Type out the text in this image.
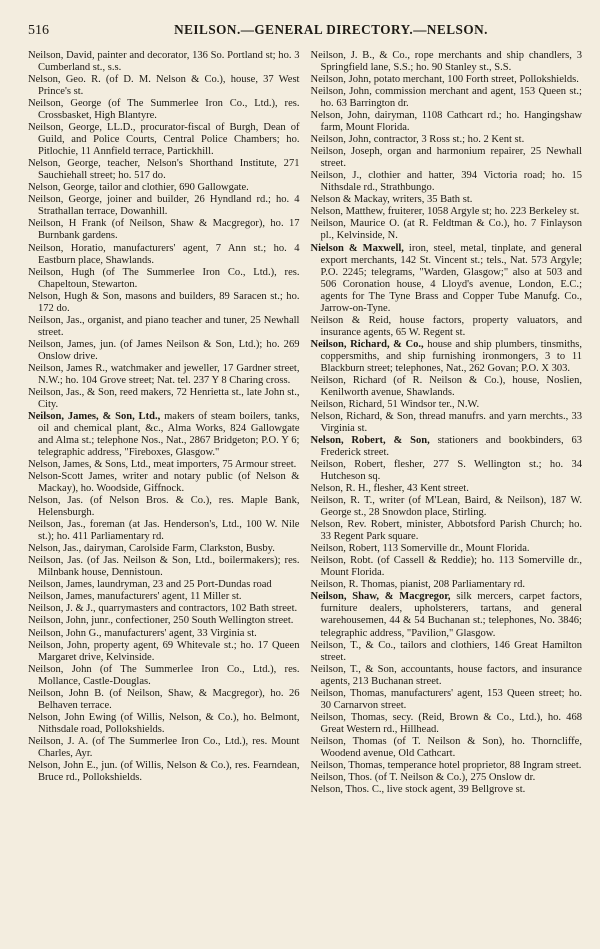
516	NEILSON.—GENERAL DIRECTORY.—NELSON.
Neilson, David, painter and decorator, 136 So. Portland st; ho. 3 Cumberland st., s.s.
Nelson, Geo. R. (of D. M. Nelson & Co.), house, 37 West Prince's st.
Neilson, George (of The Summerlee Iron Co., Ltd.), res. Crossbasket, High Blantyre.
Neilson, George, LL.D., procurator-fiscal of Burgh, Dean of Guild, and Police Courts, Central Police Chambers; ho. Pitlochie, 11 Annfield terrace, Partickhill.
Nelson, George, teacher, Nelson's Shorthand Institute, 271 Sauchiehall street; ho. 517 do.
Nelson, George, tailor and clothier, 690 Gallowgate.
Neilson, George, joiner and builder, 26 Hyndland rd.; ho. 4 Strathallan terrace, Dowanhill.
Neilson, H Frank (of Neilson, Shaw & Macgregor), ho. 17 Burnbank gardens.
Neilson, Horatio, manufacturers' agent, 7 Ann st.; ho. 4 Eastburn place, Shawlands.
Neilson, Hugh (of The Summerlee Iron Co., Ltd.), res. Chapeltoun, Stewarton.
Nelson, Hugh & Son, masons and builders, 89 Saracen st.; ho. 172 do.
Neilson, Jas., organist, and piano teacher and tuner, 25 Newhall street.
Neilson, James, jun. (of James Neilson & Son, Ltd.); ho. 269 Onslow drive.
Neilson, James R., watchmaker and jeweller, 17 Gardner street, N.W.; ho. 104 Grove street; Nat. tel. 237 Y 8 Charing cross.
Neilson, Jas., & Son, reed makers, 72 Henrietta st., late John st., City.
Neilson, James, & Son, Ltd., makers of steam boilers, tanks, oil and chemical plant, &c., Alma Works, 824 Gallowgate and Alma st.; telephone Nos., Nat., 2867 Bridgeton; P.O. Y 6; telegraphic address, "Fireboxes, Glasgow."
Nelson, James, & Sons, Ltd., meat importers, 75 Armour street.
Nelson-Scott James, writer and notary public (of Nelson & Mackay), ho. Woodside, Giffnock.
Nelson, Jas. (of Nelson Bros. & Co.), res. Maple Bank, Helensburgh.
Neilson, Jas., foreman (at Jas. Henderson's, Ltd., 100 W. Nile st.); ho. 411 Parliamentary rd.
Nelson, Jas., dairyman, Carolside Farm, Clarkston, Busby.
Neilson, Jas. (of Jas. Neilson & Son, Ltd., boilermakers); res. Milnbank house, Dennistoun.
Neilson, James, laundryman, 23 and 25 Port-Dundas road
Neilson, James, manufacturers' agent, 11 Miller st.
Neilson, J. & J., quarrymasters and contractors, 102 Bath street.
Neilson, John, junr., confectioner, 250 South Wellington street.
Neilson, John G., manufacturers' agent, 33 Virginia st.
Neilson, John, property agent, 69 Whitevale st.; ho. 17 Queen Margaret drive, Kelvinside.
Neilson, John (of The Summerlee Iron Co., Ltd.), res. Mollance, Castle-Douglas.
Neilson, John B. (of Neilson, Shaw, & Macgregor), ho. 26 Belhaven terrace.
Nelson, John Ewing (of Willis, Nelson, & Co.), ho. Belmont, Nithsdale road, Pollokshields.
Neilson, J. A. (of The Summerlee Iron Co., Ltd.), res. Mount Charles, Ayr.
Nelson, John E., jun. (of Willis, Nelson & Co.), res. Fearndean, Bruce rd., Pollokshields.
Neilson, J. B., & Co., rope merchants and ship chandlers, 3 Springfield lane, S.S.; ho. 90 Stanley st., S.S.
Neilson, John, potato merchant, 100 Forth street, Pollokshields.
Neilson, John, commission merchant and agent, 153 Queen st.; ho. 63 Barrington dr.
Nelson, John, dairyman, 1108 Cathcart rd.; ho. Hangingshaw farm, Mount Florida.
Neilson, John, contractor, 3 Ross st.; ho. 2 Kent st.
Neilson, Joseph, organ and harmonium repairer, 25 Newhall street.
Neilson, J., clothier and hatter, 394 Victoria road; ho. 15 Nithsdale rd., Strathbungo.
Nelson & Mackay, writers, 35 Bath st.
Nelson, Matthew, fruiterer, 1058 Argyle st; ho. 223 Berkeley st.
Neilson, Maurice O. (at R. Feldtman & Co.), ho. 7 Finlayson pl., Kelvinside, N.
Nielson & Maxwell, iron, steel, metal, tinplate, and general export merchants, 142 St. Vincent st.; tels., Nat. 573 Argyle; P.O. 2245; telegrams, "Warden, Glasgow;" also at 503 and 506 Coronation house, 4 Lloyd's avenue, London, E.C.; agents for The Tyne Brass and Copper Tube Manufg. Co., Jarrow-on-Tyne.
Neilson & Reid, house factors, property valuators, and insurance agents, 65 W. Regent st.
Neilson, Richard, & Co., house and ship plumbers, tinsmiths, coppersmiths, and ship furnishing ironmongers, 3 to 11 Blackburn street; telephones, Nat., 262 Govan; P.O. X 303.
Neilson, Richard (of R. Neilson & Co.), house, Noslien, Kenilworth avenue, Shawlands.
Neilson, Richard, 51 Windsor ter., N.W.
Nelson, Richard, & Son, thread manufrs. and yarn merchts., 33 Virginia st.
Nelson, Robert, & Son, stationers and bookbinders, 63 Frederick street.
Neilson, Robert, flesher, 277 S. Wellington st.; ho. 34 Hutcheson sq.
Nelson, R. H., flesher, 43 Kent street.
Neilson, R. T., writer (of M'Lean, Baird, & Neilson), 187 W. George st., 28 Snowdon place, Stirling.
Nelson, Rev. Robert, minister, Abbotsford Parish Church; ho. 33 Regent Park square.
Neilson, Robert, 113 Somerville dr., Mount Florida.
Neilson, Robt. (of Cassell & Reddie); ho. 113 Somerville dr., Mount Florida.
Neilson, R. Thomas, pianist, 208 Parliamentary rd.
Neilson, Shaw, & Macgregor, silk mercers, carpet factors, furniture dealers, upholsterers, tartans, and general warehousemen, 44 & 54 Buchanan st.; telephones, No. 3846; telegraphic address, "Pavilion," Glasgow.
Neilson, T., & Co., tailors and clothiers, 146 Great Hamilton street.
Neilson, T., & Son, accountants, house factors, and insurance agents, 213 Buchanan street.
Neilson, Thomas, manufacturers' agent, 153 Queen street; ho. 30 Carnarvon street.
Neilson, Thomas, secy. (Reid, Brown & Co., Ltd.), ho. 468 Great Western rd., Hillhead.
Neilson, Thomas (of T. Neilson & Son), ho. Thorncliffe, Woodend avenue, Old Cathcart.
Neilson, Thomas, temperance hotel proprietor, 88 Ingram street.
Neilson, Thos. (of T. Neilson & Co.), 275 Onslow dr.
Nelson, Thos. C., live stock agent, 39 Bellgrove st.
